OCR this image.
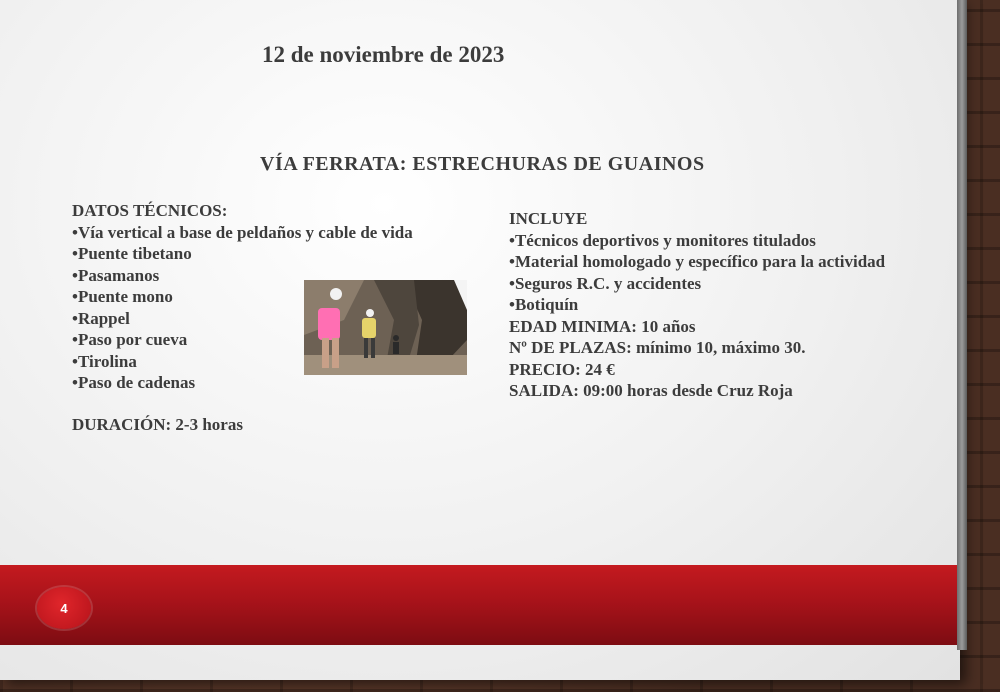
12 de noviembre de 2023
VÍA FERRATA: ESTRECHURAS DE GUAINOS

DATOS TÉCNICOS:

•Vía vertical a base de peldaños y cable de vida

•Puente tibetano

•Pasamanos

•Puente mono

•Rappel

•Paso por cueva

•Tirolina

•Paso de cadenas

DURACIÓN: 2-3 horas

INCLUYE

•Técnicos deportivos y monitores titulados

•Material homologado y específico para la actividad

•Seguros R.C. y accidentes

•Botiquín

EDAD MINIMA: 10 años

Nº DE PLAZAS: mínimo 10, máximo 30.

PRECIO: 24 €

SALIDA: 09:00 horas desde Cruz Roja

4
